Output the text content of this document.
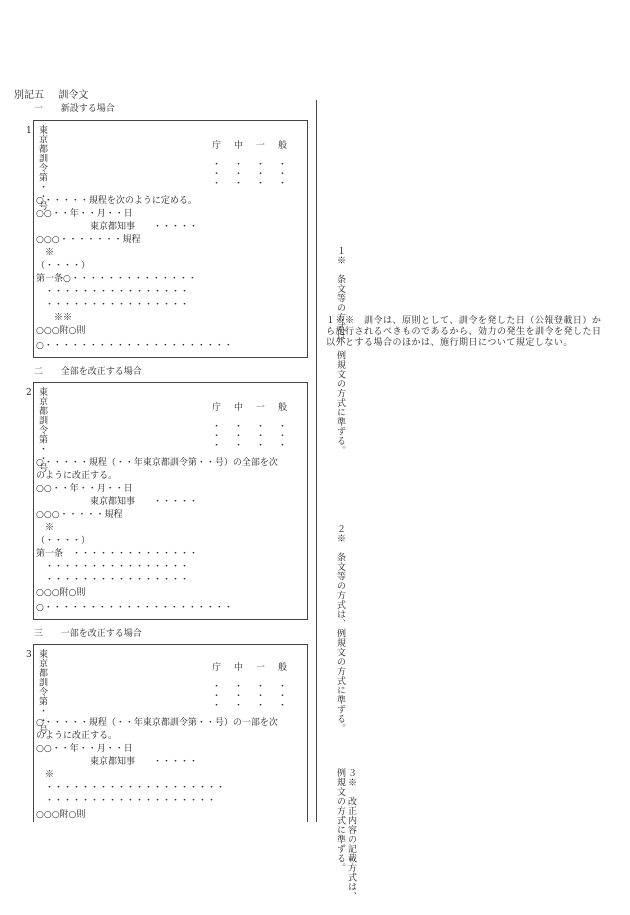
別記五 訓令文
一 新設する場合
1 東京都訓令第・・号	庁　・・・ 中　・・・ 一　・・・ 般　・・・
○・・・・・規程を次のように定める。
○○・・年・・月・・日
　　　　　　東京都知事　　・・・・・
○○○・・・・・・・規程
　※
（・・・・）
第一条○・・・・・・・・・・・・・・
　・・・・・・・・・・・・・・・・
　・・・・・・・・・・・・・・・・
　　※※
○○○附○則
○・・・・・・・・・・・・・・・・・・・・・	１※　条文等の方式は、例規文の方式に準ずる。
１※※　訓令は、原則として、訓令を発した日（公報登載日）から施行されるべきものであるから、効力の発生を訓令を発した日以外とする場合のほかは、施行期日について規定しない。
二 全部を改正する場合
2 東京都訓令第・・号	庁　・・・ 中　・・・ 一　・・・ 般　・・・
○・・・・・規程（・・年東京都訓令第・・号）の全部を次
のように改正する。
○○・・年・・月・・日
　　　　　　東京都知事　　・・・・・
○○○・・・・・規程
　※
（・・・・）
第一条　・・・・・・・・・・・・・・
　・・・・・・・・・・・・・・・・
　・・・・・・・・・・・・・・・・
○○○附○則
○・・・・・・・・・・・・・・・・・・・・・	２※　条文等の方式は、例規文の方式に準ずる。
三 一部を改正する場合
3 東京都訓令第・・号	庁　・・・ 中　・・・ 一　・・・ 般　・・・
○・・・・・規程（・・年東京都訓令第・・号）の一部を次
のように改正する。
○○・・年・・月・・日
　　　　　　東京都知事　　・・・・・
　※
　・・・・・・・・・・・・・・・・・・・・
　・・・・・・・・・・・・・・・・・・・
○○○附○則	３※　改正内容の記載方式は、例規文の方式に準ずる。
